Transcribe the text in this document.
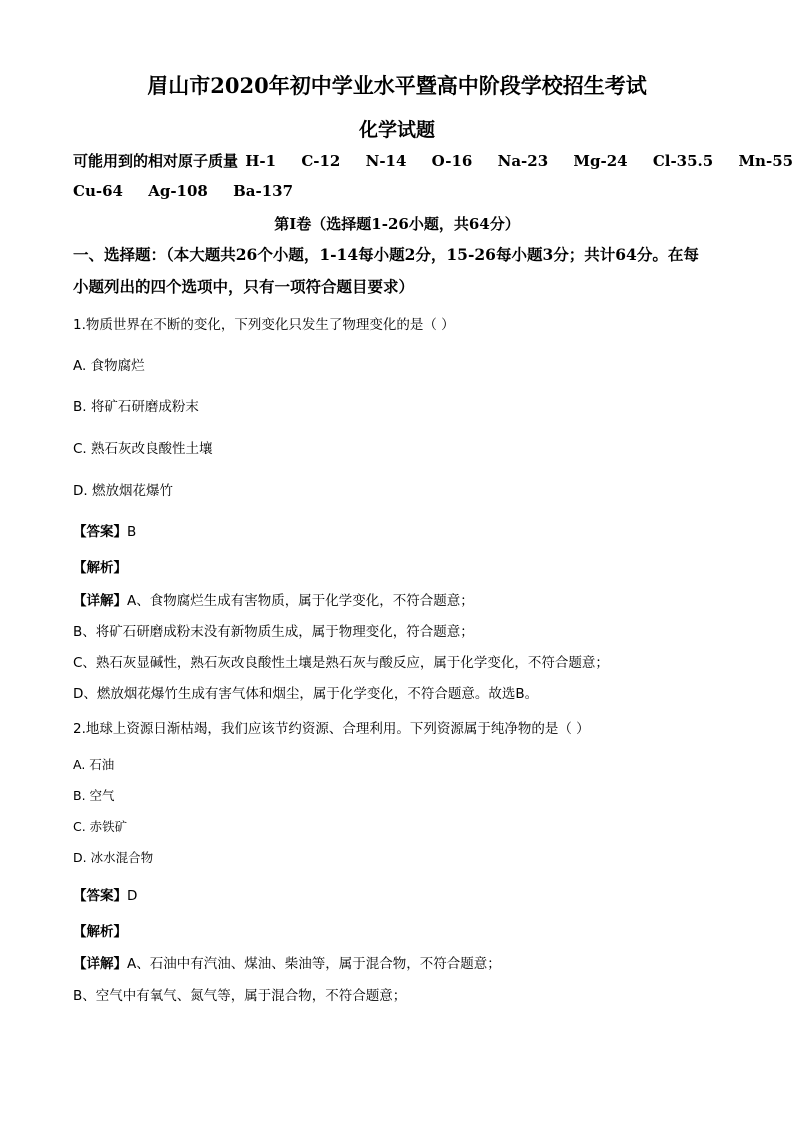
眉山市2020年初中学业水平暨高中阶段学校招生考试
化学试题
可能用到的相对原子质量 H-1 C-12 N-14 O-16 Na-23 Mg-24 Cl-35.5 Mn-55
Cu-64 Ag-108 Ba-137
第I卷（选择题1-26小题，共64分）
一、选择题：（本大题共26个小题，1-14每小题2分，15-26每小题3分；共计64分。在每
小题列出的四个选项中，只有一项符合题目要求）
1.物质世界在不断的变化，下列变化只发生了物理变化的是（ ）
A. 食物腐烂
B. 将矿石研磨成粉末
C. 熟石灰改良酸性土壤
D. 燃放烟花爆竹
【答案】B
【解析】
【详解】A、食物腐烂生成有害物质，属于化学变化，不符合题意；
B、将矿石研磨成粉末没有新物质生成，属于物理变化，符合题意；
C、熟石灰显碱性，熟石灰改良酸性土壤是熟石灰与酸反应，属于化学变化，不符合题意；
D、燃放烟花爆竹生成有害气体和烟尘，属于化学变化，不符合题意。故选B。
2.地球上资源日渐枯竭，我们应该节约资源、合理利用。下列资源属于纯净物的是（ ）
A. 石油
B. 空气
C. 赤铁矿
D. 冰水混合物
【答案】D
【解析】
【详解】A、石油中有汽油、煤油、柴油等，属于混合物，不符合题意；
B、空气中有氧气、氮气等，属于混合物，不符合题意；
